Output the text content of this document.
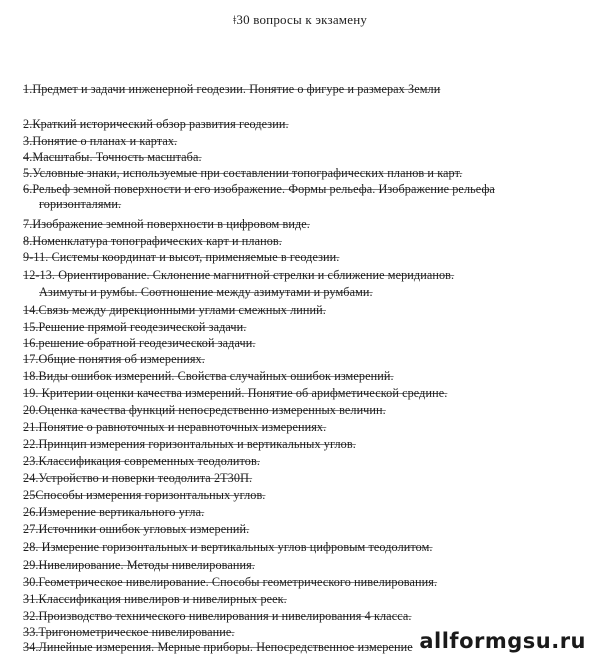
ǂ30 вопросы к экзамену
1.Предмет и задачи инженерной геодезии. Понятие о фигуре и размерах Земли
2.Краткий исторический обзор развития геодезии.
3.Понятие о планах и картах.
4.Масштабы. Точность масштаба.
5.Условные знаки, используемые при составлении топографических планов и карт.
6.Рельеф земной поверхности и его изображение. Формы рельефа. Изображение рельефа
горизонталями.
7.Изображение земной поверхности в цифровом виде.
8.Номенклатура топографических карт и планов.
9-11. Системы координат и высот, применяемые в геодезии.
12-13. Ориентирование. Склонение магнитной стрелки и сближение меридианов.
Азимуты и румбы. Соотношение между азимутами и румбами.
14.Связь между дирекционными углами смежных линий.
15.Решение прямой геодезической задачи.
16.решение обратной геодезической задачи.
17.Общие понятия об измерениях.
18.Виды ошибок измерений. Свойства случайных ошибок измерений.
19. Критерии оценки качества измерений. Понятие об арифметической средине.
20.Оценка качества функций непосредственно измеренных величин.
21.Понятие о равноточных и неравноточных измерениях.
22.Принцип измерения горизонтальных и вертикальных углов.
23.Классификация современных теодолитов.
24.Устройство и поверки теодолита 2Т30П.
25Способы измерения горизонтальных углов.
26.Измерение вертикального угла.
27.Источники ошибок угловых измерений.
28. Измерение горизонтальных и вертикальных углов цифровым теодолитом.
29.Нивелирование. Методы нивелирования.
30.Геометрическое нивелирование. Способы геометрического нивелирования.
31.Классификация нивелиров и нивелирных реек.
32.Производство технического нивелирования и нивелирования 4 класса.
33.Тригонометрическое нивелирование.
34.Линейные измерения. Мерные приборы. Непосредственное измерение allformgsu.ru
